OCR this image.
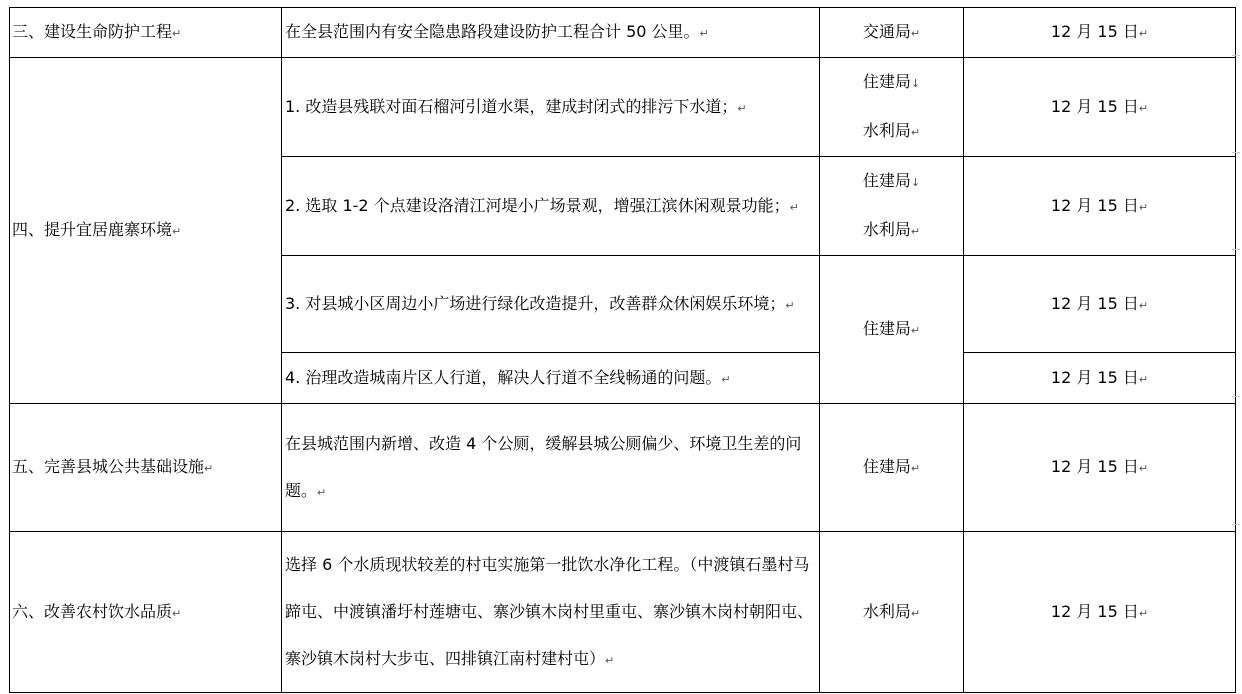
三、建设生命防护工程↵	在全县范围内有安全隐患路段建设防护工程合计 50 公里。↵	交通局↵	12 月 15 日↵
四、提升宜居鹿寨环境↵	1. 改造县残联对面石榴河引道水渠，建成封闭式的排污下水道；↵	住建局↓
水利局↵	12 月 15 日↵
	2. 选取 1-2 个点建设洛清江河堤小广场景观，增强江滨休闲观景功能；↵	住建局↓
水利局↵	12 月 15 日↵
	3. 对县城小区周边小广场进行绿化改造提升，改善群众休闲娱乐环境；↵	住建局↵	12 月 15 日↵
	4. 治理改造城南片区人行道，解决人行道不全线畅通的问题。↵		12 月 15 日↵
五、完善县城公共基础设施↵	在县城范围内新增、改造 4 个公厕，缓解县城公厕偏少、环境卫生差的问题。↵	住建局↵	12 月 15 日↵
六、改善农村饮水品质↵	选择 6 个水质现状较差的村屯实施第一批饮水净化工程。（中渡镇石墨村马蹄屯、中渡镇潘圩村莲塘屯、寨沙镇木岗村里重屯、寨沙镇木岗村朝阳屯、寨沙镇木岗村大步屯、四排镇江南村建村屯）↵	水利局↵	12 月 15 日↵
